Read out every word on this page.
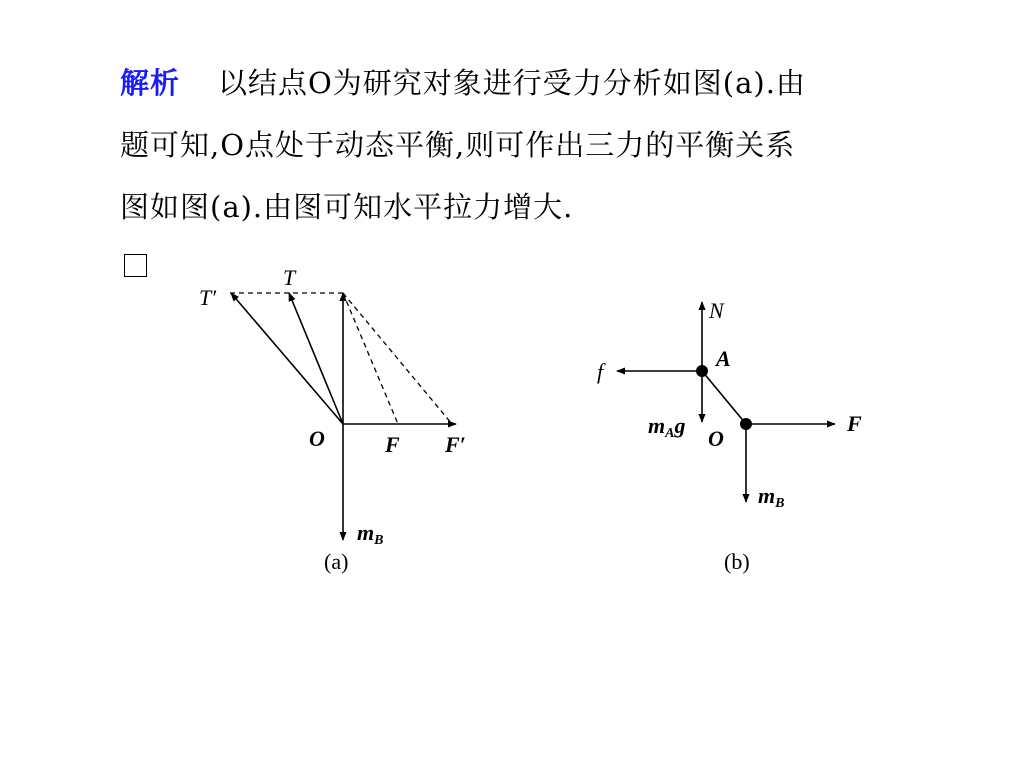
解析 以结点O为研究对象进行受力分析如图(a).由
题可知,O点处于动态平衡,则可作出三力的平衡关系
图如图(a).由图可知水平拉力增大.
T′
T
O	F F′
mB
(a)
N
A
f
mAg
O
F
mB
(b)
